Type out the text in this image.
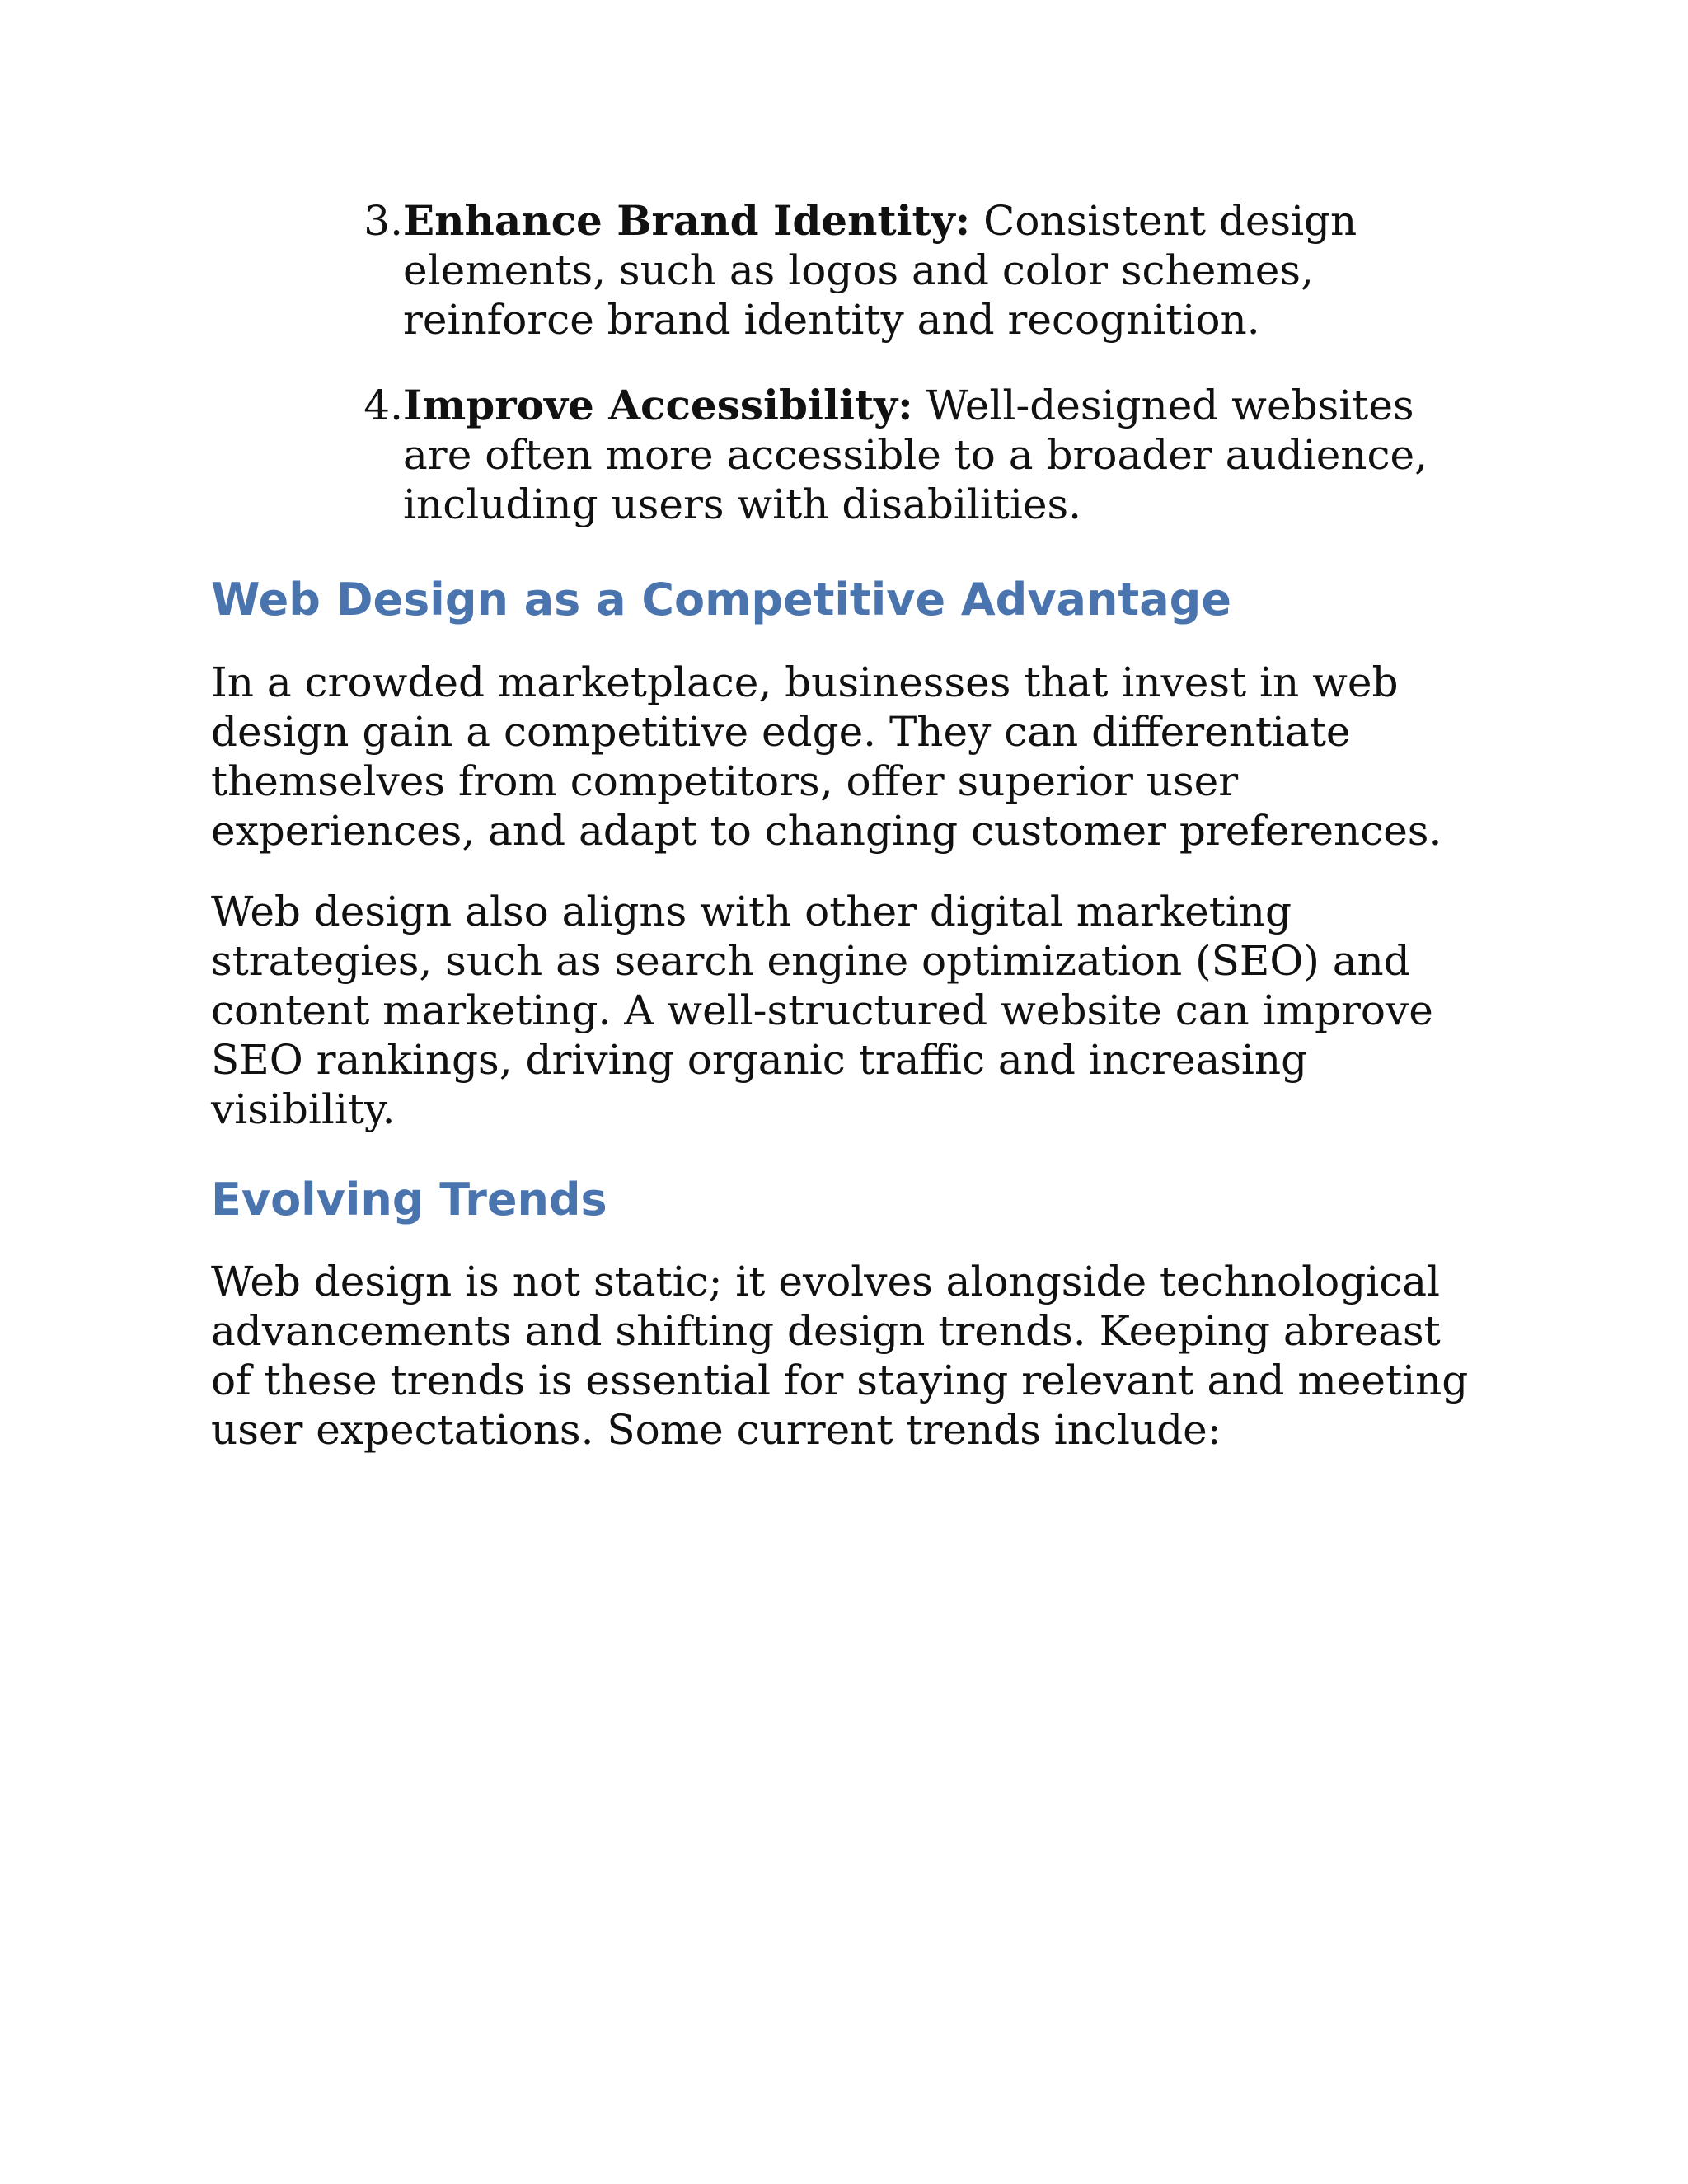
3. Enhance Brand Identity: Consistent design
elements, such as logos and color schemes,
reinforce brand identity and recognition.
4. Improve Accessibility: Well-designed websites
are often more accessible to a broader audience,
including users with disabilities.
Web Design as a Competitive Advantage
In a crowded marketplace, businesses that invest in web
design gain a competitive edge. They can differentiate
themselves from competitors, offer superior user
experiences, and adapt to changing customer preferences.
Web design also aligns with other digital marketing
strategies, such as search engine optimization (SEO) and
content marketing. A well-structured website can improve
SEO rankings, driving organic traffic and increasing
visibility.
Evolving Trends
Web design is not static; it evolves alongside technological
advancements and shifting design trends. Keeping abreast
of these trends is essential for staying relevant and meeting
user expectations. Some current trends include:
